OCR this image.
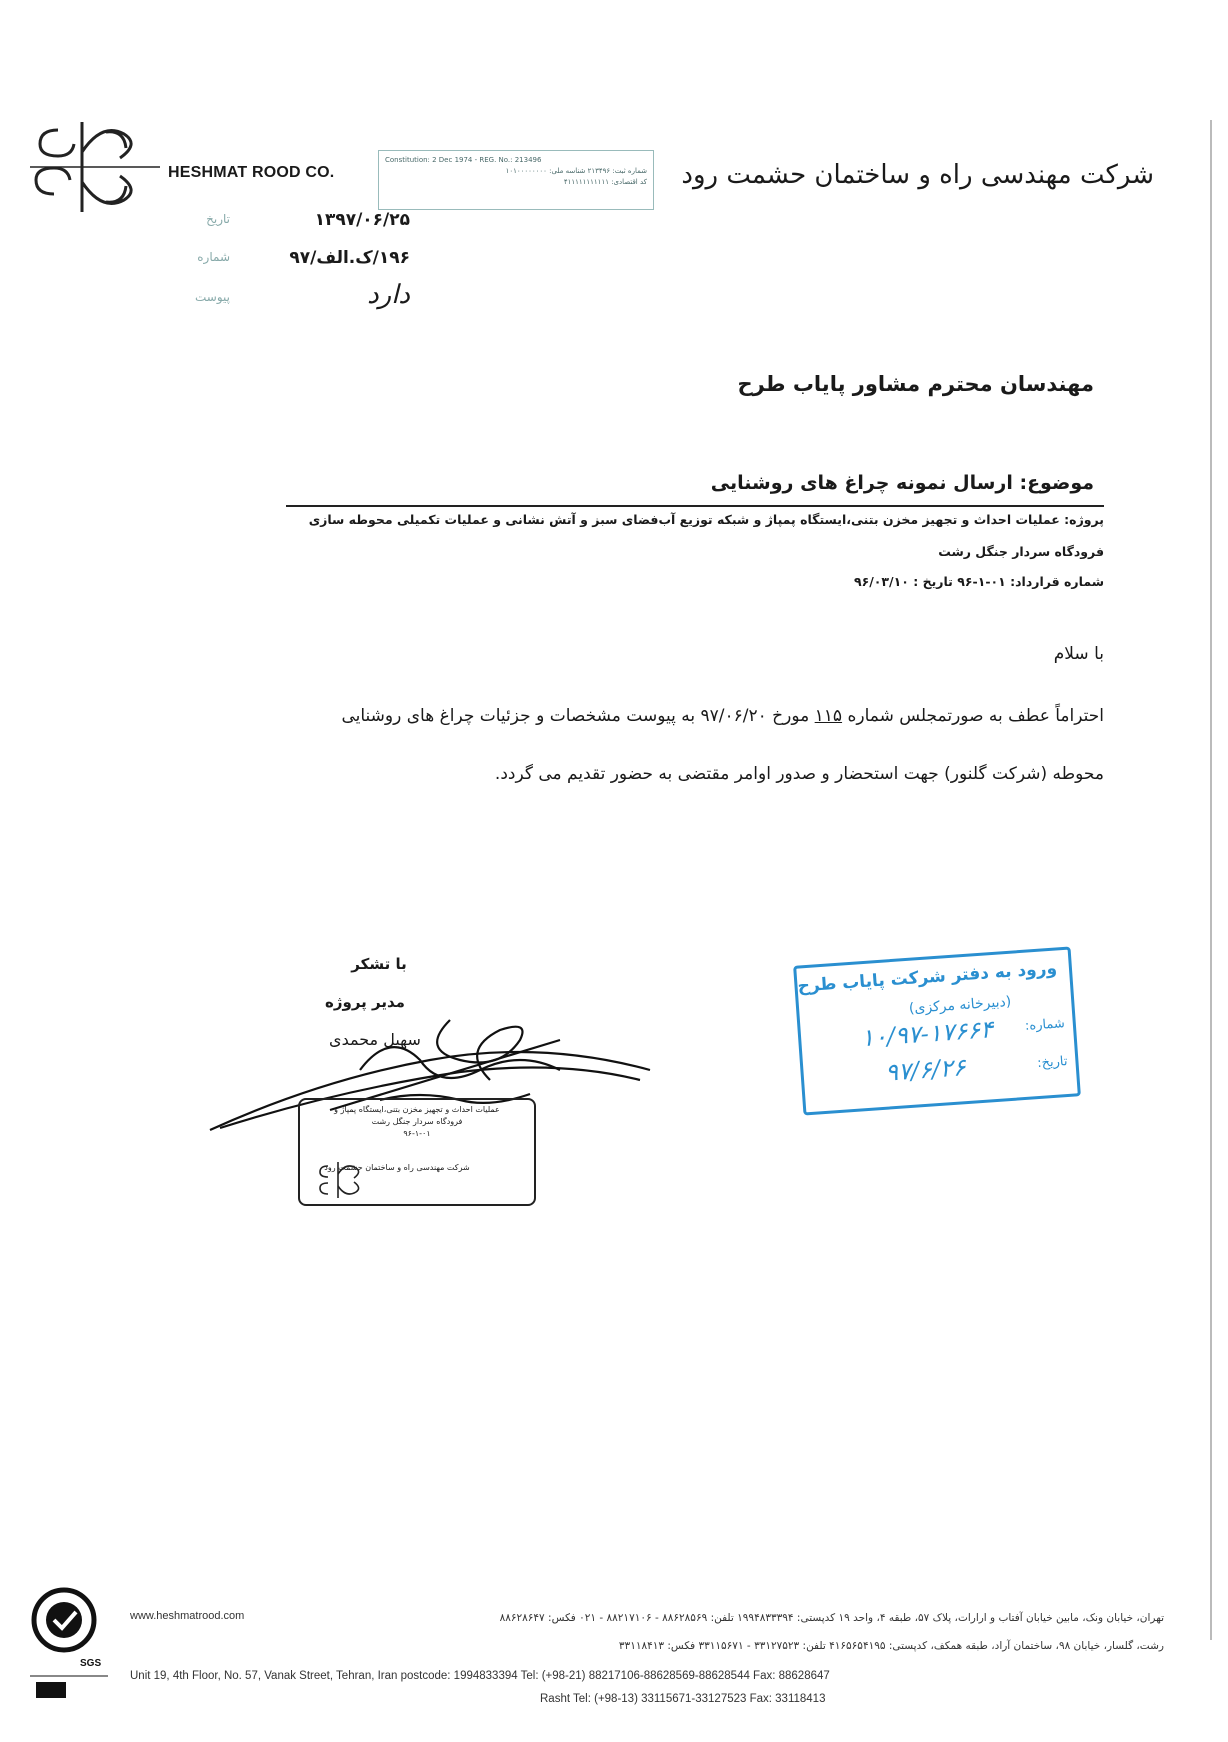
HESHMAT ROOD CO.
Constitution: 2 Dec 1974 - REG. No.: 213496
شماره ثبت: ۲۱۳۴۹۶ شناسه ملی: ۱۰۱۰۰۰۰۰۰۰۰
کد اقتصادی: ۴۱۱۱۱۱۱۱۱۱۱۱ شرکت مهندسی راه و ساختمان حشمت رود
تاریخ	۱۳۹۷/۰۶/۲۵
شماره	۱۹۶/ک.الف/۹۷
پیوست	دارد
مهندسان محترم مشاور پایاب طرح
موضوع: ارسال نمونه چراغ های روشنایی
پروژه: عملیات احداث و تجهیز مخزن بتنی،ایستگاه پمپاژ و شبکه توزیع آب‌فضای سبز و آتش نشانی و عملیات تکمیلی محوطه سازی
فرودگاه سردار جنگل رشت
شماره قرارداد: ۰۱-۱-۹۶ تاریخ : ۹۶/۰۳/۱۰
با سلام
احتراماً عطف به صورتمجلس شماره ۱۱۵ مورخ ۹۷/۰۶/۲۰ به پیوست مشخصات و جزئیات چراغ های روشنایی
محوطه (شرکت گلنور) جهت استحضار و صدور اوامر مقتضی به حضور تقدیم می گردد.
با تشکر
مدیر پروژه
سهیل محمدی
عملیات احداث و تجهیز مخزن بتنی،ایستگاه پمپاژ و
فرودگاه سردار جنگل رشت
۹۶-۱-۰۱
شرکت مهندسی راه و ساختمان حشمت رود
ورود به دفتر شرکت پایاب طرح
(دبیرخانه مرکزی)
شماره:
۱۰/۹۷-۱۷۶۶۴
تاریخ:
۹۷/۶/۲۶
SGS
تهران، خیابان ونک، مابین خیابان آفتاب و ارارات، پلاک ۵۷، طبقه ۴، واحد ۱۹ کدپستی: ۱۹۹۴۸۳۳۳۹۴ تلفن: ۸۸۶۲۸۵۶۹ - ۸۸۲۱۷۱۰۶ - ۰۲۱ فکس: ۸۸۶۲۸۶۴۷
www.heshmatrood.com
رشت، گلسار، خیابان ۹۸، ساختمان آراد، طبقه همکف، کدپستی: ۴۱۶۵۶۵۴۱۹۵ تلفن: ۳۳۱۲۷۵۲۳ - ۳۳۱۱۵۶۷۱ فکس: ۳۳۱۱۸۴۱۳
Unit 19, 4th Floor, No. 57, Vanak Street, Tehran, Iran postcode: 1994833394 Tel: (+98-21) 88217106-88628569-88628544 Fax: 88628647
Rasht Tel: (+98-13) 33115671-33127523 Fax: 33118413
